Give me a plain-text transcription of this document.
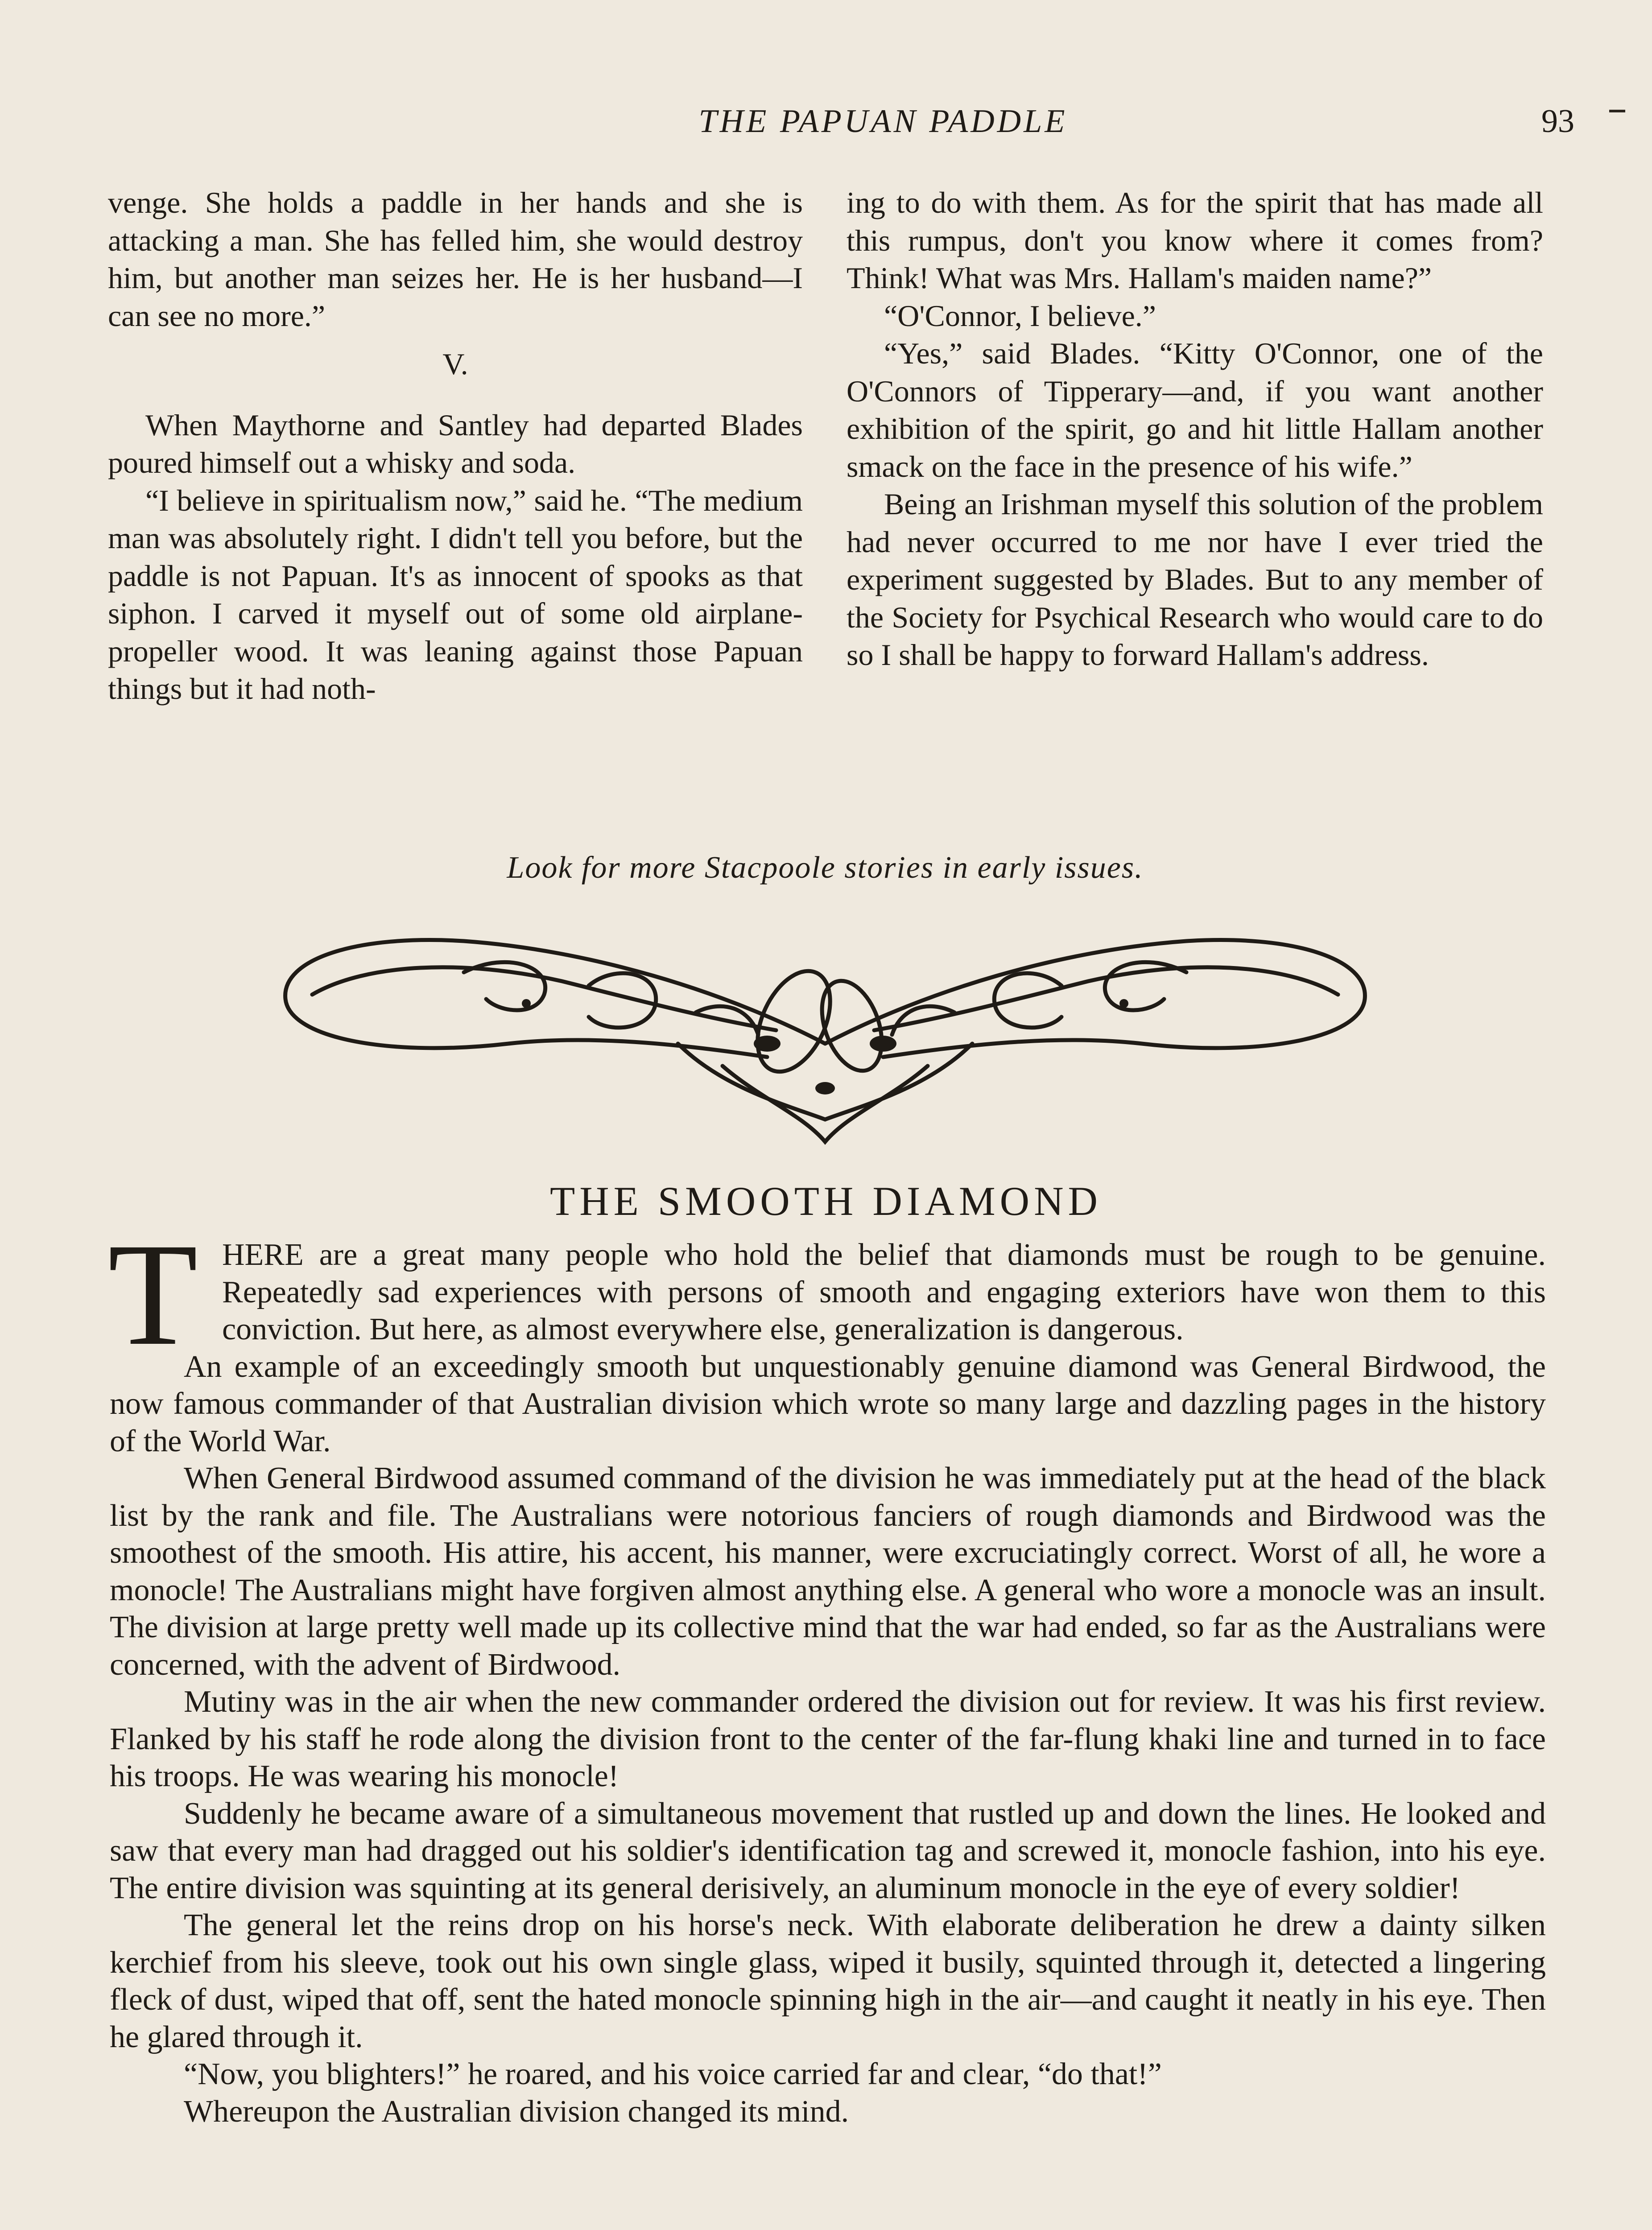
THE PAPUAN PADDLE	93

venge. She holds a paddle in her hands and she is attacking a man. She has felled him, she would destroy him, but another man seizes her. He is her husband—I can see no more.”

V.

When Maythorne and Santley had departed Blades poured himself out a whisky and soda.

“I believe in spiritualism now,” said he. “The medium man was absolutely right. I didn't tell you before, but the paddle is not Papuan. It's as innocent of spooks as that siphon. I carved it myself out of some old airplane-propeller wood. It was leaning against those Papuan things but it had noth-

ing to do with them. As for the spirit that has made all this rumpus, don't you know where it comes from? Think! What was Mrs. Hallam's maiden name?”

“O'Connor, I believe.”

“Yes,” said Blades. “Kitty O'Connor, one of the O'Connors of Tipperary—and, if you want another exhibition of the spirit, go and hit little Hallam another smack on the face in the presence of his wife.”

Being an Irishman myself this solution of the problem had never occurred to me nor have I ever tried the experiment suggested by Blades. But to any member of the Society for Psychical Research who would care to do so I shall be happy to forward Hallam's address.

Look for more Stacpoole stories in early issues.
THE SMOOTH DIAMOND

T HERE are a great many people who hold the belief that diamonds must be rough to be genuine. Repeatedly sad experiences with persons of smooth and engaging exteriors have won them to this conviction. But here, as almost everywhere else, generalization is dangerous.

An example of an exceedingly smooth but unquestionably genuine diamond was General Birdwood, the now famous commander of that Australian division which wrote so many large and dazzling pages in the history of the World War.

When General Birdwood assumed command of the division he was immediately put at the head of the black list by the rank and file. The Australians were notorious fanciers of rough diamonds and Birdwood was the smoothest of the smooth. His attire, his accent, his manner, were excruciatingly correct. Worst of all, he wore a monocle! The Australians might have forgiven almost anything else. A general who wore a monocle was an insult. The division at large pretty well made up its collective mind that the war had ended, so far as the Australians were concerned, with the advent of Birdwood.

Mutiny was in the air when the new commander ordered the division out for review. It was his first review. Flanked by his staff he rode along the division front to the center of the far-flung khaki line and turned in to face his troops. He was wearing his monocle!

Suddenly he became aware of a simultaneous movement that rustled up and down the lines. He looked and saw that every man had dragged out his soldier's identification tag and screwed it, monocle fashion, into his eye. The entire division was squinting at its general derisively, an aluminum monocle in the eye of every soldier!

The general let the reins drop on his horse's neck. With elaborate deliberation he drew a dainty silken kerchief from his sleeve, took out his own single glass, wiped it busily, squinted through it, detected a lingering fleck of dust, wiped that off, sent the hated monocle spinning high in the air—and caught it neatly in his eye. Then he glared through it.

“Now, you blighters!” he roared, and his voice carried far and clear, “do that!”

Whereupon the Australian division changed its mind.
